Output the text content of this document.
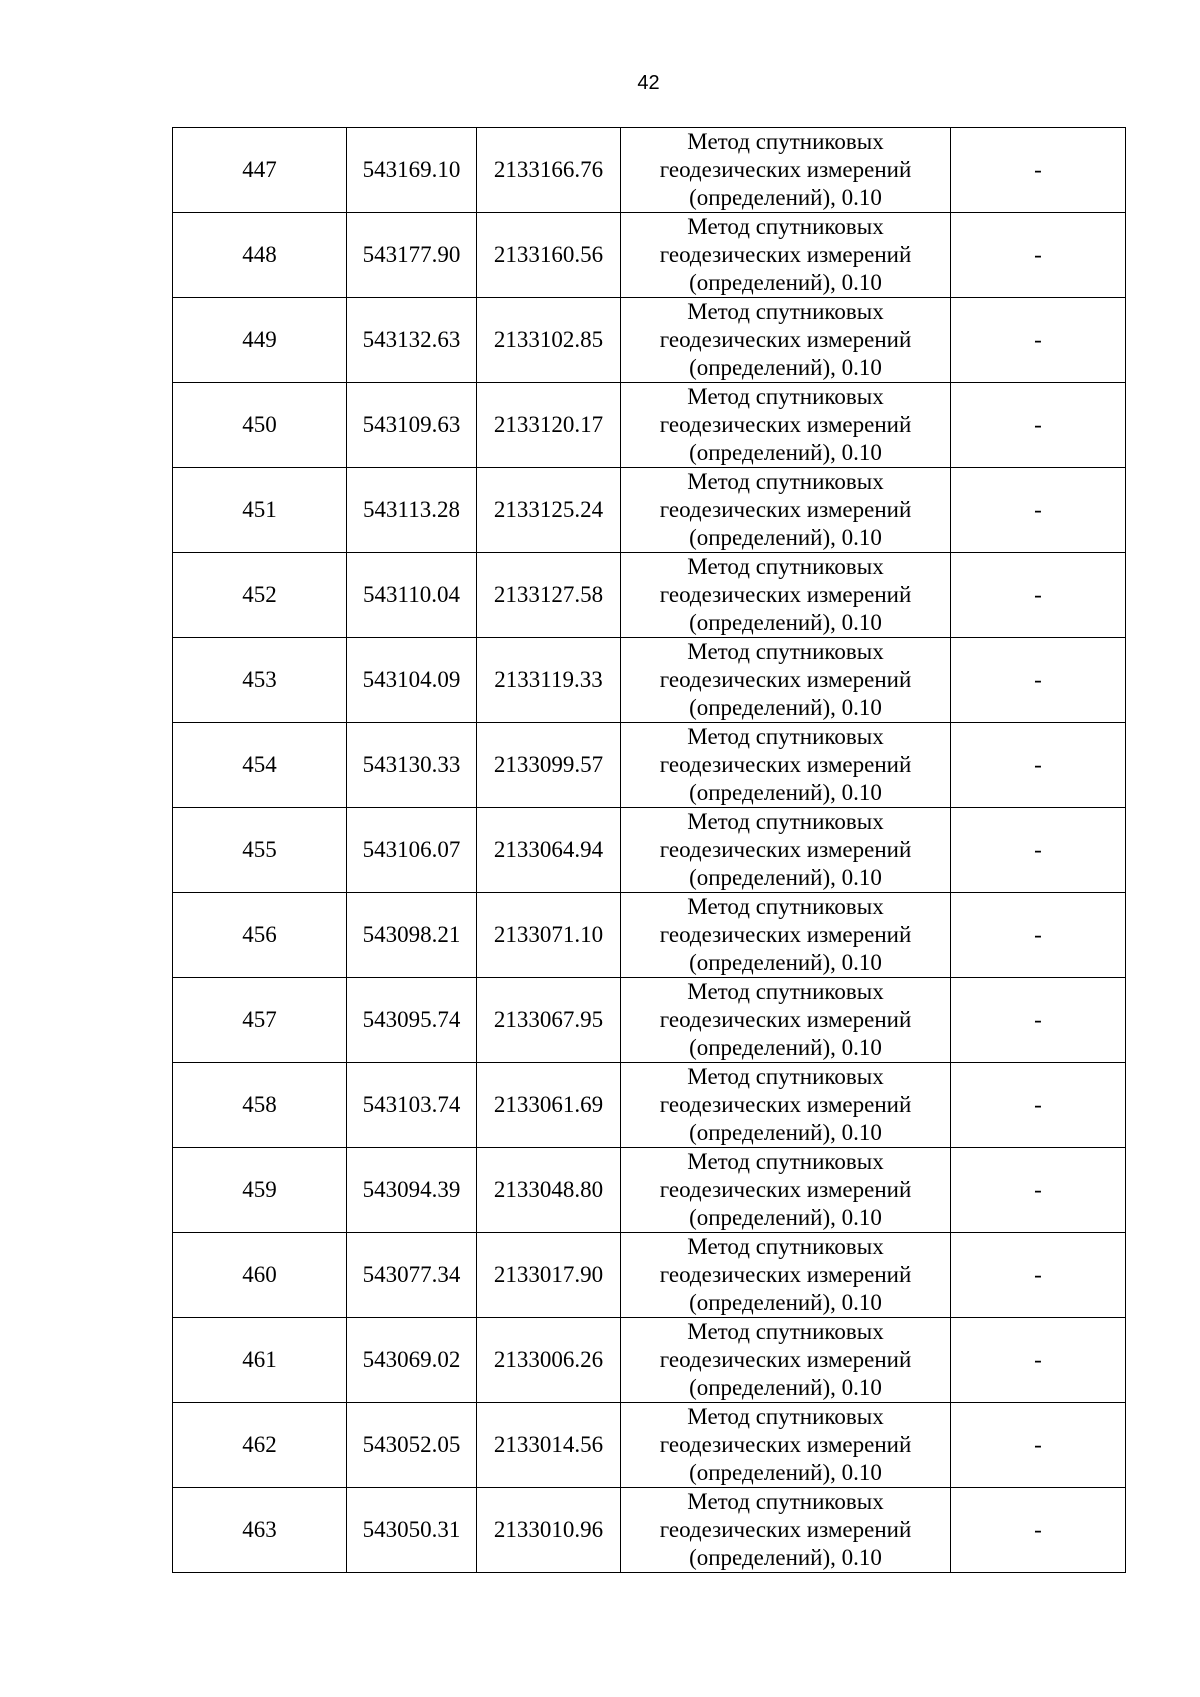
42
447	543169.10	2133166.76	Метод спутниковых
геодезических измерений
(определений), 0.10	-
448	543177.90	2133160.56	Метод спутниковых
геодезических измерений
(определений), 0.10	-
449	543132.63	2133102.85	Метод спутниковых
геодезических измерений
(определений), 0.10	-
450	543109.63	2133120.17	Метод спутниковых
геодезических измерений
(определений), 0.10	-
451	543113.28	2133125.24	Метод спутниковых
геодезических измерений
(определений), 0.10	-
452	543110.04	2133127.58	Метод спутниковых
геодезических измерений
(определений), 0.10	-
453	543104.09	2133119.33	Метод спутниковых
геодезических измерений
(определений), 0.10	-
454	543130.33	2133099.57	Метод спутниковых
геодезических измерений
(определений), 0.10	-
455	543106.07	2133064.94	Метод спутниковых
геодезических измерений
(определений), 0.10	-
456	543098.21	2133071.10	Метод спутниковых
геодезических измерений
(определений), 0.10	-
457	543095.74	2133067.95	Метод спутниковых
геодезических измерений
(определений), 0.10	-
458	543103.74	2133061.69	Метод спутниковых
геодезических измерений
(определений), 0.10	-
459	543094.39	2133048.80	Метод спутниковых
геодезических измерений
(определений), 0.10	-
460	543077.34	2133017.90	Метод спутниковых
геодезических измерений
(определений), 0.10	-
461	543069.02	2133006.26	Метод спутниковых
геодезических измерений
(определений), 0.10	-
462	543052.05	2133014.56	Метод спутниковых
геодезических измерений
(определений), 0.10	-
463	543050.31	2133010.96	Метод спутниковых
геодезических измерений
(определений), 0.10	-
